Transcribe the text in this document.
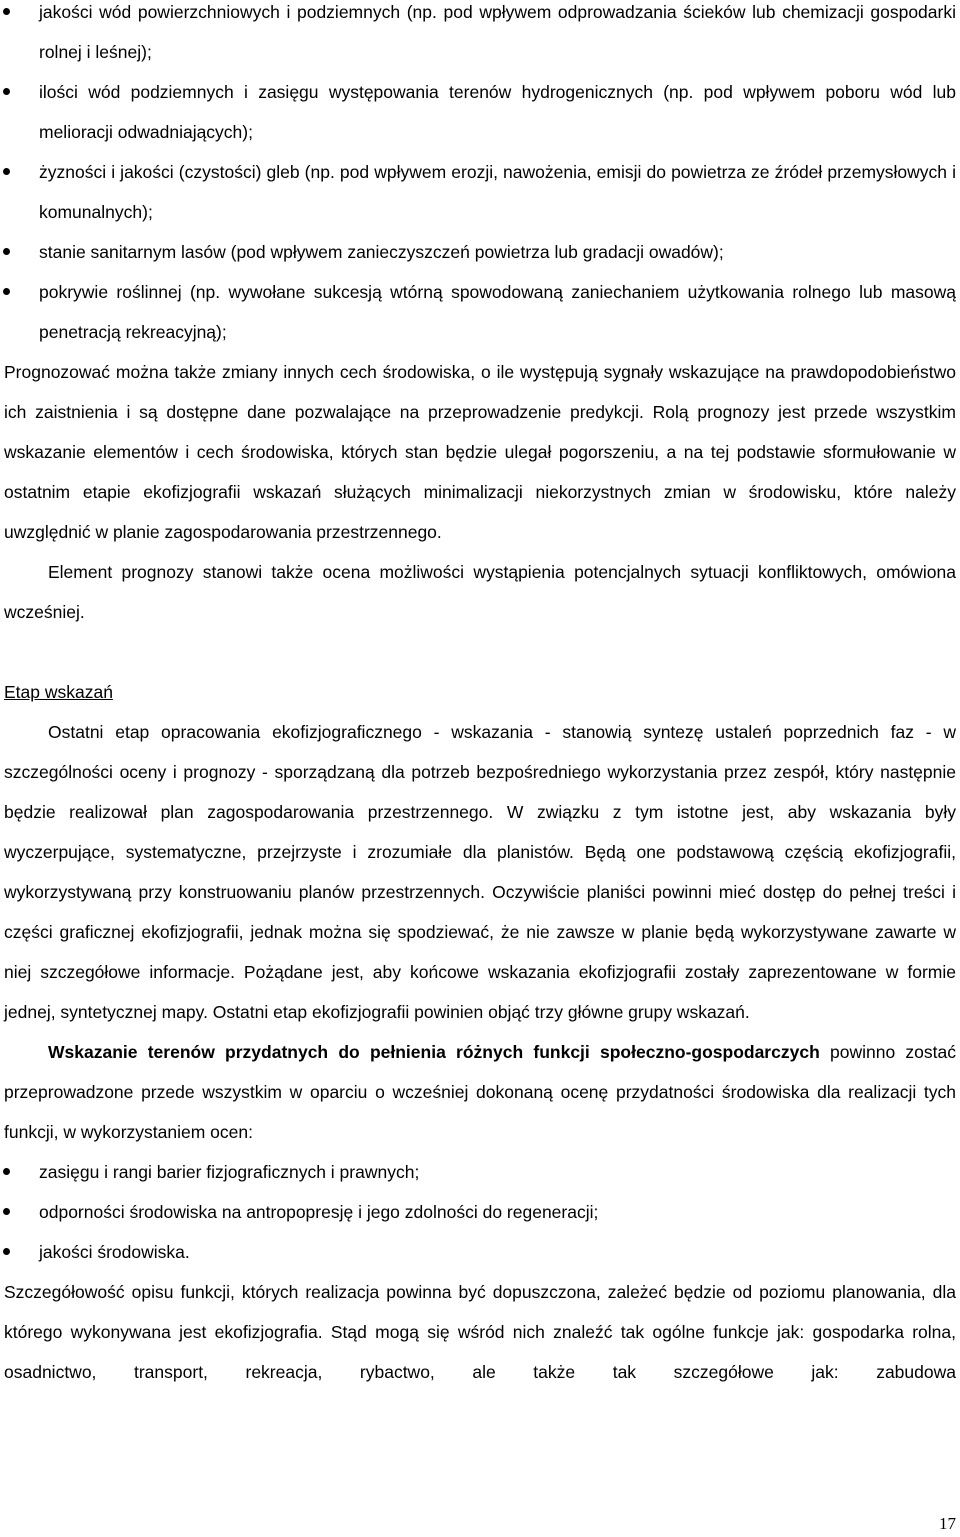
jakości wód powierzchniowych i podziemnych (np. pod wpływem odprowadzania ścieków lub chemizacji gospodarki rolnej i leśnej);
ilości wód podziemnych i zasięgu występowania terenów hydrogenicznych (np. pod wpływem poboru wód lub melioracji odwadniających);
żyzności i jakości (czystości) gleb (np. pod wpływem erozji, nawożenia, emisji do powietrza ze źródeł przemysłowych i komunalnych);
stanie sanitarnym lasów (pod wpływem zanieczyszczeń powietrza lub gradacji owadów);
pokrywie roślinnej (np. wywołane sukcesją wtórną spowodowaną zaniechaniem użytkowania rolnego lub masową penetracją rekreacyjną);

Prognozować można także zmiany innych cech środowiska, o ile występują sygnały wskazujące na prawdopodobieństwo ich zaistnienia i są dostępne dane pozwalające na przeprowadzenie predykcji. Rolą prognozy jest przede wszystkim wskazanie elementów i cech środowiska, których stan będzie ulegał pogorszeniu, a na tej podstawie sformułowanie w ostatnim etapie ekofizjografii wskazań służących minimalizacji niekorzystnych zmian w środowisku, które należy uwzględnić w planie zagospodarowania przestrzennego.

Element prognozy stanowi także ocena możliwości wystąpienia potencjalnych sytuacji konfliktowych, omówiona wcześniej.

Etap wskazań

Ostatni etap opracowania ekofizjograficznego - wskazania - stanowią syntezę ustaleń poprzednich faz - w szczególności oceny i prognozy - sporządzaną dla potrzeb bezpośredniego wykorzystania przez zespół, który następnie będzie realizował plan zagospodarowania przestrzennego. W związku z tym istotne jest, aby wskazania były wyczerpujące, systematyczne, przejrzyste i zrozumiałe dla planistów. Będą one podstawową częścią ekofizjografii, wykorzystywaną przy konstruowaniu planów przestrzennych. Oczywiście planiści powinni mieć dostęp do pełnej treści i części graficznej ekofizjografii, jednak można się spodziewać, że nie zawsze w planie będą wykorzystywane zawarte w niej szczegółowe informacje. Pożądane jest, aby końcowe wskazania ekofizjografii zostały zaprezentowane w formie jednej, syntetycznej mapy. Ostatni etap ekofizjografii powinien objąć trzy główne grupy wskazań.

Wskazanie terenów przydatnych do pełnienia różnych funkcji społeczno-gospodarczych powinno zostać przeprowadzone przede wszystkim w oparciu o wcześniej dokonaną ocenę przydatności środowiska dla realizacji tych funkcji, w wykorzystaniem ocen:

zasięgu i rangi barier fizjograficznych i prawnych;
odporności środowiska na antropopresję i jego zdolności do regeneracji;
jakości środowiska.

Szczegółowość opisu funkcji, których realizacja powinna być dopuszczona, zależeć będzie od poziomu planowania, dla którego wykonywana jest ekofizjografia. Stąd mogą się wśród nich znaleźć tak ogólne funkcje jak: gospodarka rolna, osadnictwo, transport, rekreacja, rybactwo, ale także tak szczegółowe jak: zabudowa

17
